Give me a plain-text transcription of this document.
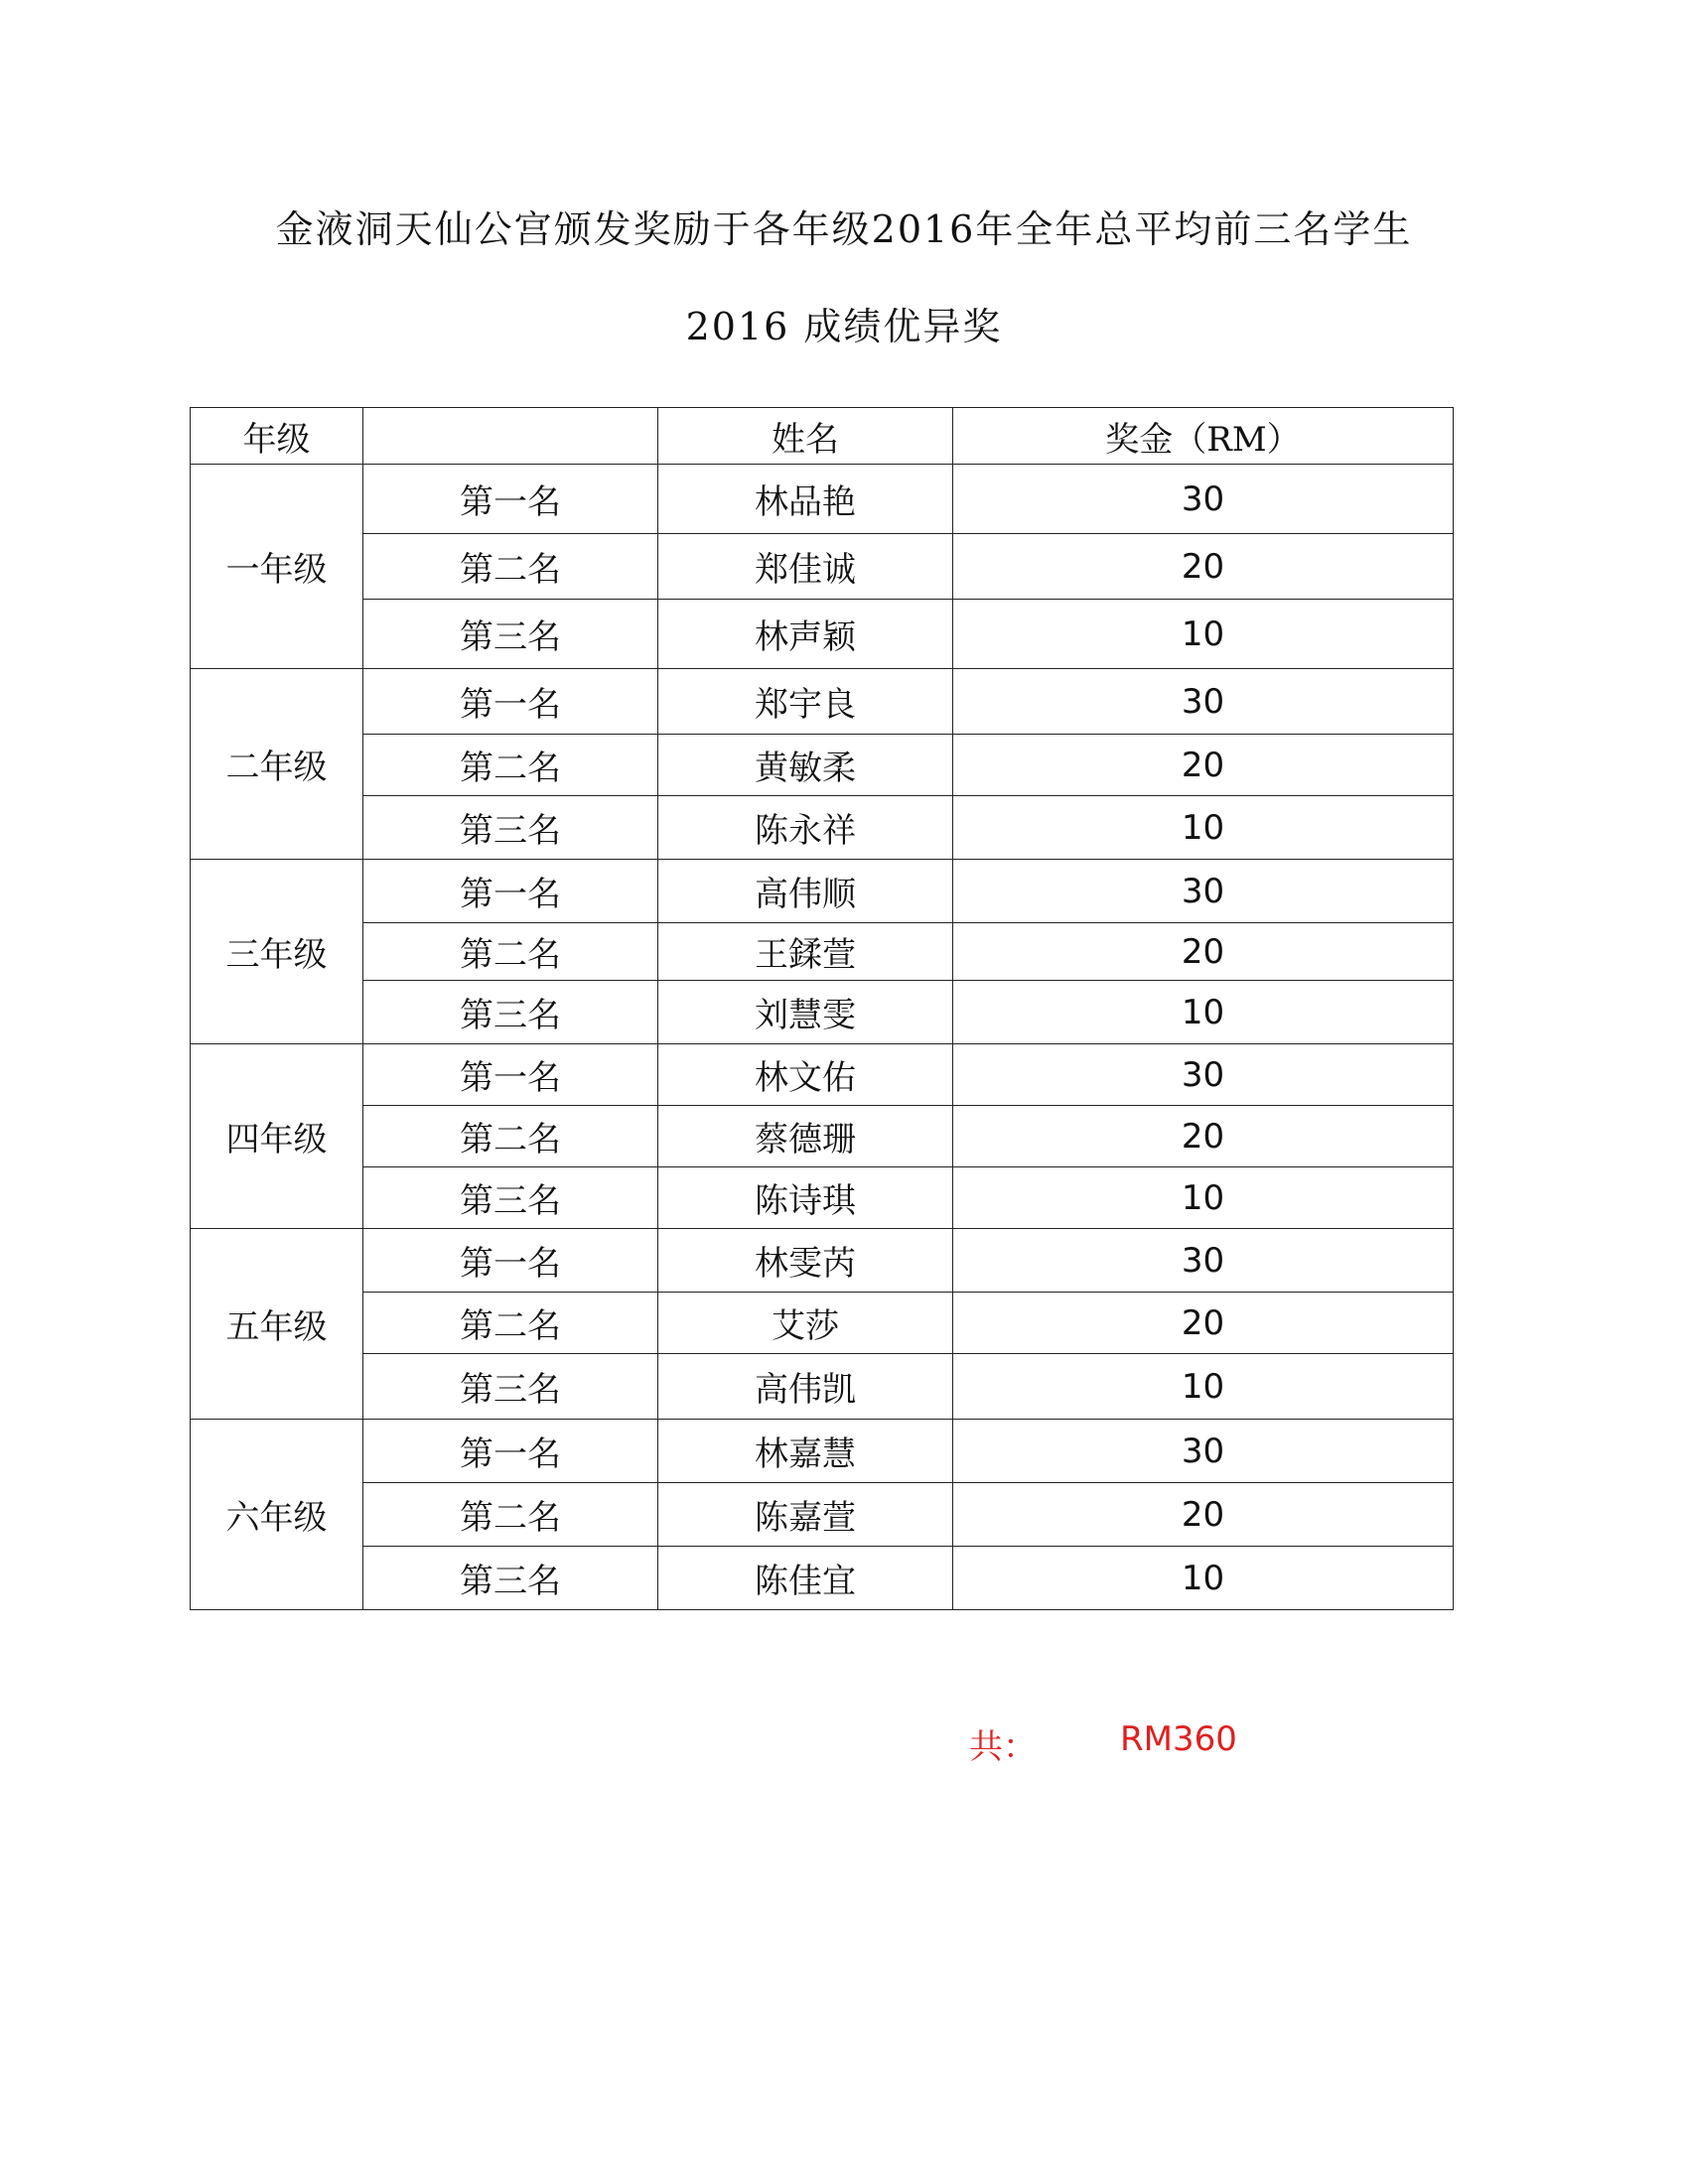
金液洞天仙公宫颁发奖励于各年级2016年全年总平均前三名学生
2016 成绩优异奖
年级		姓名	奖金（RM）
一年级	第一名	林品艳	30
	第二名	郑佳诚	20
	第三名	林声颖	10
二年级	第一名	郑宇良	30
	第二名	黄敏柔	20
	第三名	陈永祥	10
三年级	第一名	高伟顺	30
	第二名	王鍒萱	20
	第三名	刘慧雯	10
四年级	第一名	林文佑	30
	第二名	蔡德珊	20
	第三名	陈诗琪	10
五年级	第一名	林雯芮	30
	第二名	艾莎	20
	第三名	高伟凯	10
六年级	第一名	林嘉慧	30
	第二名	陈嘉萱	20
	第三名	陈佳宜	10
共： RM360
